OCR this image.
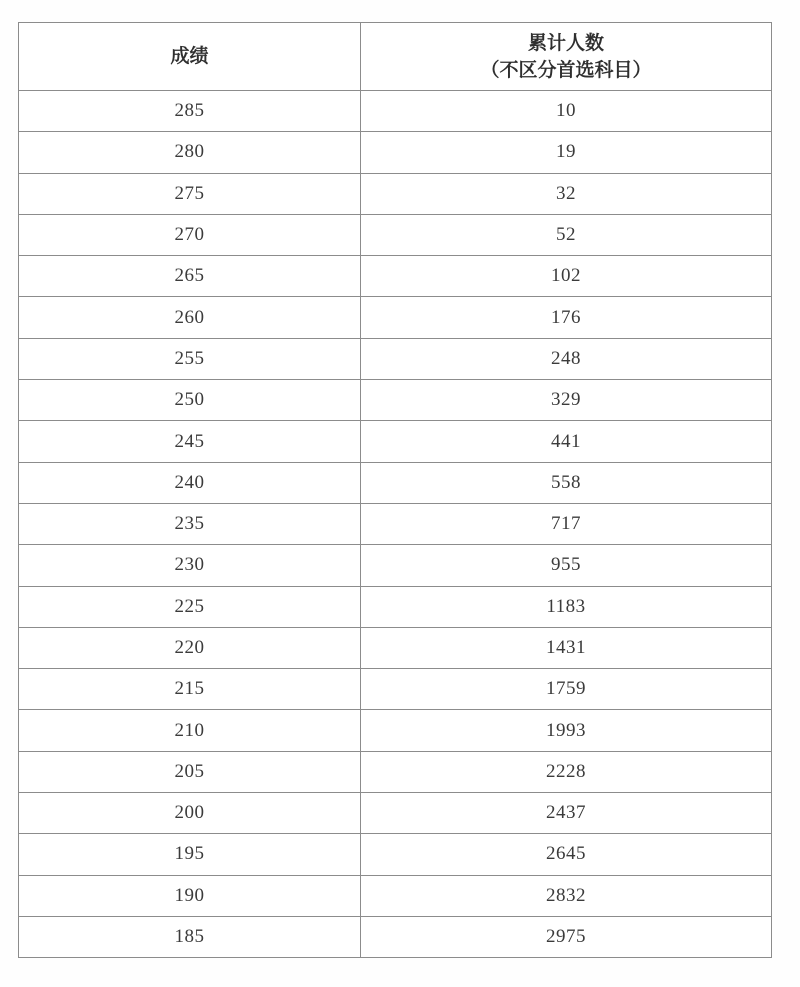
成绩	累计人数
（不区分首选科目）

285	10
280	19
275	32
270	52
265	102
260	176
255	248
250	329
245	441
240	558
235	717
230	955
225	1183
220	1431
215	1759
210	1993
205	2228
200	2437
195	2645
190	2832
185	2975
